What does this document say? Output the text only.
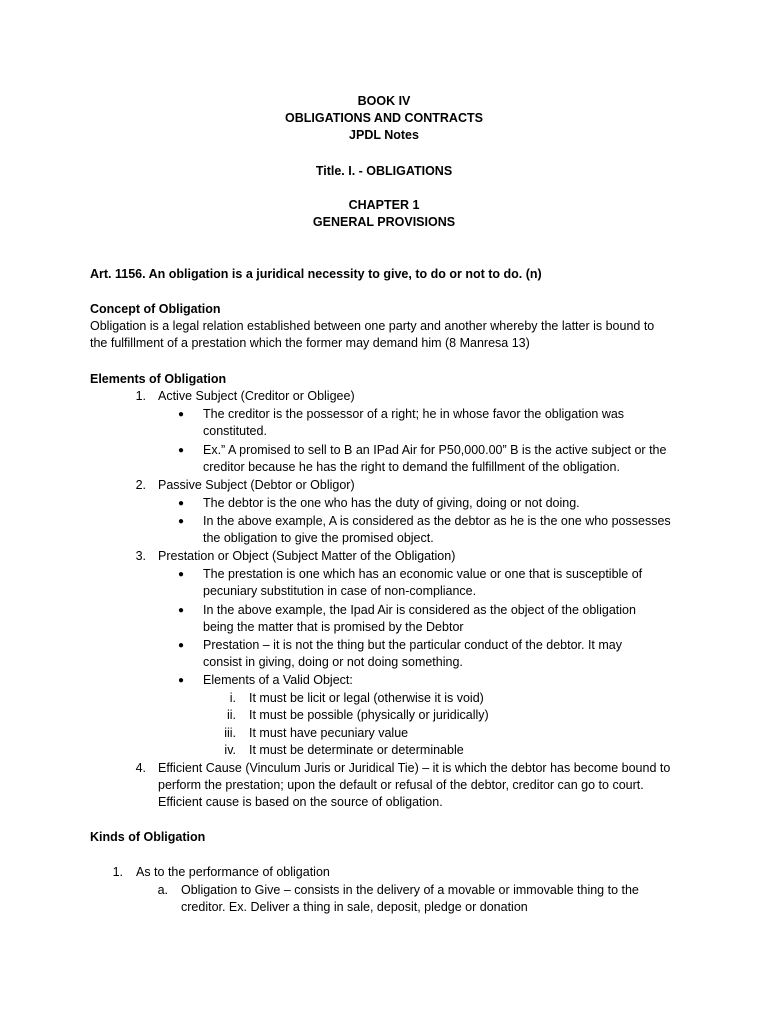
BOOK IV
OBLIGATIONS AND CONTRACTS
JPDL Notes
Title. I. - OBLIGATIONS
CHAPTER 1
GENERAL PROVISIONS
Art. 1156. An obligation is a juridical necessity to give, to do or not to do. (n)
Concept of Obligation
Obligation is a legal relation established between one party and another whereby the latter is bound to
the fulfillment of a prestation which the former may demand him (8 Manresa 13)
Elements of Obligation
1. Active Subject (Creditor or Obligee)
● The creditor is the possessor of a right; he in whose favor the obligation was
constituted.
● Ex.” A promised to sell to B an IPad Air for P50,000.00” B is the active subject or the
creditor because he has the right to demand the fulfillment of the obligation.
2. Passive Subject (Debtor or Obligor)
● The debtor is the one who has the duty of giving, doing or not doing.
● In the above example, A is considered as the debtor as he is the one who possesses
the obligation to give the promised object.
3. Prestation or Object (Subject Matter of the Obligation)
● The prestation is one which has an economic value or one that is susceptible of
pecuniary substitution in case of non-compliance.
● In the above example, the Ipad Air is considered as the object of the obligation
being the matter that is promised by the Debtor
● Prestation – it is not the thing but the particular conduct of the debtor. It may
consist in giving, doing or not doing something.
● Elements of a Valid Object:
i. It must be licit or legal (otherwise it is void)
ii. It must be possible (physically or juridically)
iii. It must have pecuniary value
iv. It must be determinate or determinable
4. Efficient Cause (Vinculum Juris or Juridical Tie) – it is which the debtor has become bound to
perform the prestation; upon the default or refusal of the debtor, creditor can go to court.
Efficient cause is based on the source of obligation.
Kinds of Obligation
1. As to the performance of obligation
a. Obligation to Give – consists in the delivery of a movable or immovable thing to the
creditor. Ex. Deliver a thing in sale, deposit, pledge or donation
